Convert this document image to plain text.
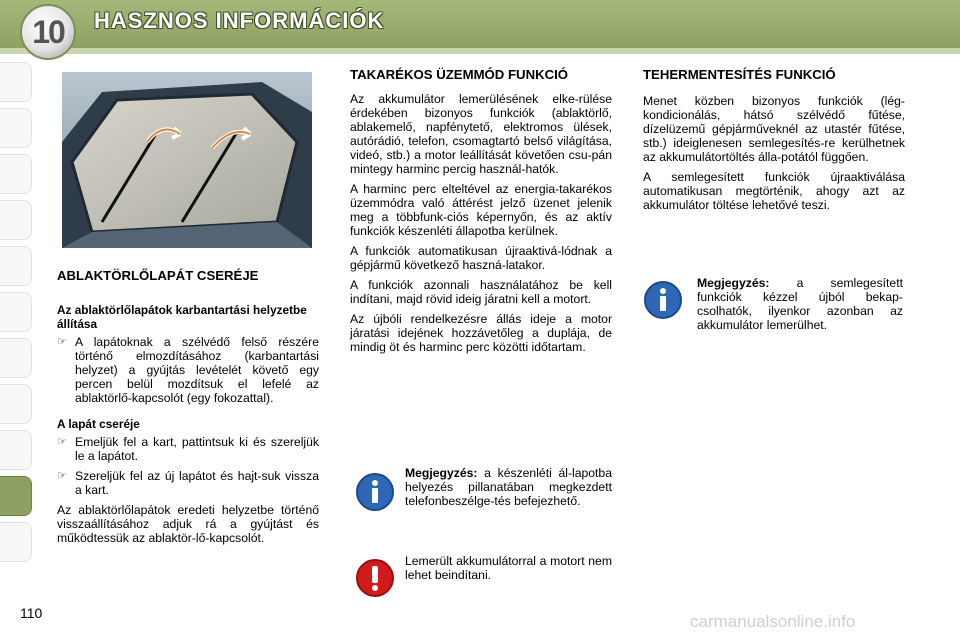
10	HASZNOS INFORMÁCIÓK
ABLAKTÖRLŐLAPÁT CSERÉJE
Az ablaktörlőlapátok karbantartási helyzetbe állítása
☞ A lapátoknak a szélvédő felső részére történő elmozdításához (karbantartási helyzet) a gyújtás levételét követő egy percen belül mozdítsuk el lefelé az ablaktörlő-kapcsolót (egy fokozattal).
A lapát cseréje
☞ Emeljük fel a kart, pattintsuk ki és szereljük le a lapátot.
☞ Szereljük fel az új lapátot és hajt-suk vissza a kart.

Az ablaktörlőlapátok eredeti helyzetbe történő visszaállításához adjuk rá a gyújtást és működtessük az ablaktör-lő-kapcsolót.

TAKARÉKOS ÜZEMMÓD FUNKCIÓ

Az akkumulátor lemerülésének elke-rülése érdekében bizonyos funkciók (ablaktörlő, ablakemelő, napfénytető, elektromos ülések, autórádió, telefon, csomagtartó belső világítása, videó, stb.) a motor leállítását követően csu-pán mintegy harminc percig használ-hatók.

A harminc perc elteltével az energia-takarékos üzemmódra való áttérést jelző üzenet jelenik meg a többfunk-ciós képernyőn, és az aktív funkciók készenléti állapotba kerülnek.

A funkciók automatikusan újraaktivá-lódnak a gépjármű következő haszná-latakor.

A funkciók azonnali használatához be kell indítani, majd rövid ideig járatni kell a motort.

Az újbóli rendelkezésre állás ideje a motor járatási idejének hozzávetőleg a duplája, de mindig öt és harminc perc közötti időtartam.

Megjegyzés: a készenléti ál-lapotba helyezés pillanatában megkezdett telefonbeszélge-tés befejezhető.
Lemerült akkumulátorral a motort nem lehet beindítani.
TEHERMENTESÍTÉS FUNKCIÓ

Menet közben bizonyos funkciók (lég-kondicionálás, hátsó szélvédő fűtése, dízelüzemű gépjárműveknél az utastér fűtése, stb.) ideiglenesen semlegesítés-re kerülhetnek az akkumulátortöltés álla-potától függően.

A semlegesített funkciók újraaktiválása automatikusan megtörténik, ahogy azt az akkumulátor töltése lehetővé teszi.

Megjegyzés: a semlegesített funkciók kézzel újból bekap-csolhatók, ilyenkor azonban az akkumulátor lemerülhet.
110	carmanualsonline.info
